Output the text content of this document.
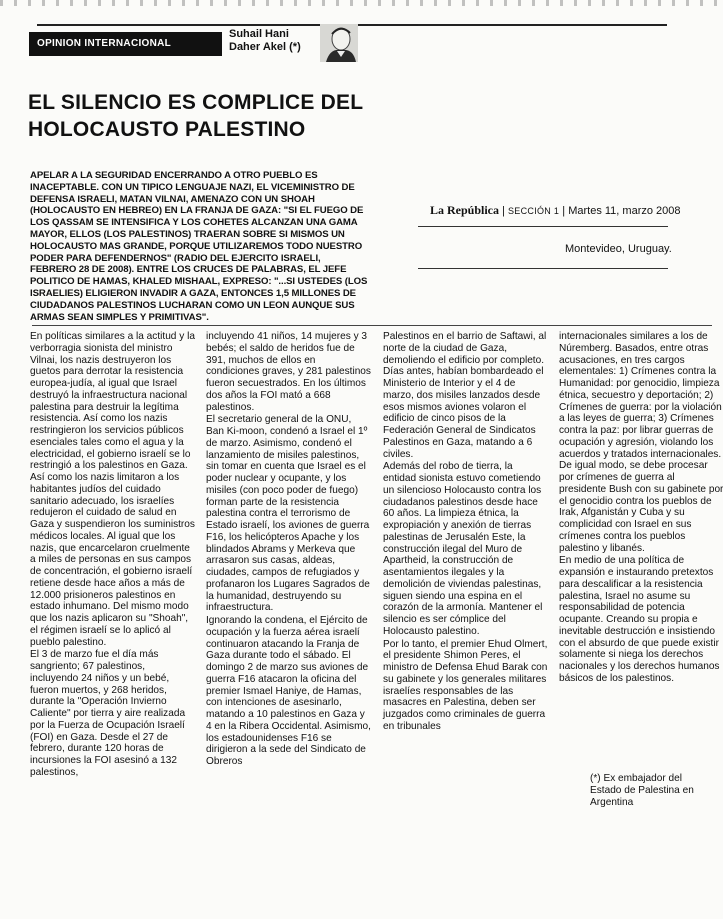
OPINION INTERNACIONAL
Suhail Hani
Daher Akel (*)
EL SILENCIO ES COMPLICE DEL
HOLOCAUSTO PALESTINO

APELAR A LA SEGURIDAD ENCERRANDO A OTRO PUEBLO ES INACEPTABLE. CON UN TIPICO LENGUAJE NAZI, EL VICEMINISTRO DE DEFENSA ISRAELI, MATAN VILNAI, AMENAZO CON UN SHOAH (HOLOCAUSTO EN HEBREO) EN LA FRANJA DE GAZA: "SI EL FUEGO DE LOS QASSAM SE INTENSIFICA Y LOS COHETES ALCANZAN UNA GAMA MAYOR, ELLOS (LOS PALESTINOS) TRAERAN SOBRE SI MISMOS UN HOLOCAUSTO MAS GRANDE, PORQUE UTILIZAREMOS TODO NUESTRO PODER PARA DEFENDERNOS" (RADIO DEL EJERCITO ISRAELI, FEBRERO 28 DE 2008). ENTRE LOS CRUCES DE PALABRAS, EL JEFE POLITICO DE HAMAS, KHALED MISHAAL, EXPRESO: "...SI USTEDES (LOS ISRAELIES) ELIGIERON INVADIR A GAZA, ENTONCES 1,5 MILLONES DE CIUDADANOS PALESTINOS LUCHARAN COMO UN LEON AUNQUE SUS ARMAS SEAN SIMPLES Y PRIMITIVAS".

La República | SECCIÓN 1 | Martes 11, marzo 2008
Montevideo, Uruguay.

En políticas similares a la actitud y la verborragia sionista del ministro Vilnai, los nazis destruyeron los guetos para derrotar la resistencia europea-judía, al igual que Israel destruyó la infraestructura nacional palestina para destruir la legítima resistencia. Así como los nazis restringieron los servicios públicos esenciales tales como el agua y la electricidad, el gobierno israelí se lo restringió a los palestinos en Gaza. Así como los nazis limitaron a los habitantes judíos del cuidado sanitario adecuado, los israelíes redujeron el cuidado de salud en Gaza y suspendieron los suministros médicos locales. Al igual que los nazis, que encarcelaron cruelmente a miles de personas en sus campos de concentración, el gobierno israelí retiene desde hace años a más de 12.000 prisioneros palestinos en estado inhumano. Del mismo modo que los nazis aplicaron su "Shoah", el régimen israelí se lo aplicó al pueblo palestino.

El 3 de marzo fue el día más sangriento; 67 palestinos, incluyendo 24 niños y un bebé, fueron muertos, y 268 heridos, durante la "Operación Invierno Caliente" por tierra y aire realizada por la Fuerza de Ocupación Israelí (FOI) en Gaza. Desde el 27 de febrero, durante 120 horas de incursiones la FOI asesinó a 132 palestinos,

incluyendo 41 niños, 14 mujeres y 3 bebés; el saldo de heridos fue de 391, muchos de ellos en condiciones graves, y 281 palestinos fueron secuestrados. En los últimos dos años la FOI mató a 668 palestinos.

El secretario general de la ONU, Ban Ki-moon, condenó a Israel el 1º de marzo. Asimismo, condenó el lanzamiento de misiles palestinos, sin tomar en cuenta que Israel es el poder nuclear y ocupante, y los misiles (con poco poder de fuego) forman parte de la resistencia palestina contra el terrorismo de Estado israelí, los aviones de guerra F16, los helicópteros Apache y los blindados Abrams y Merkeva que arrasaron sus casas, aldeas, ciudades, campos de refugiados y profanaron los Lugares Sagrados de la humanidad, destruyendo su infraestructura.

Ignorando la condena, el Ejército de ocupación y la fuerza aérea israelí continuaron atacando la Franja de Gaza durante todo el sábado. El domingo 2 de marzo sus aviones de guerra F16 atacaron la oficina del premier Ismael Haniye, de Hamas, con intenciones de asesinarlo, matando a 10 palestinos en Gaza y 4 en la Ribera Occidental. Asimismo, los estadounidenses F16 se dirigieron a la sede del Sindicato de Obreros

Palestinos en el barrio de Saftawi, al norte de la ciudad de Gaza, demoliendo el edificio por completo. Días antes, habían bombardeado el Ministerio de Interior y el 4 de marzo, dos misiles lanzados desde esos mismos aviones volaron el edificio de cinco pisos de la Federación General de Sindicatos Palestinos en Gaza, matando a 6 civiles.

Además del robo de tierra, la entidad sionista estuvo cometiendo un silencioso Holocausto contra los ciudadanos palestinos desde hace 60 años. La limpieza étnica, la expropiación y anexión de tierras palestinas de Jerusalén Este, la construcción ilegal del Muro de Apartheid, la construcción de asentamientos ilegales y la demolición de viviendas palestinas, siguen siendo una espina en el corazón de la armonía. Mantener el silencio es ser cómplice del Holocausto palestino.

Por lo tanto, el premier Ehud Olmert, el presidente Shimon Peres, el ministro de Defensa Ehud Barak con su gabinete y los generales militares israelíes responsables de las masacres en Palestina, deben ser juzgados como criminales de guerra en tribunales

internacionales similares a los de Núremberg. Basados, entre otras acusaciones, en tres cargos elementales: 1) Crímenes contra la Humanidad: por genocidio, limpieza étnica, secuestro y deportación; 2) Crímenes de guerra: por la violación a las leyes de guerra; 3) Crímenes contra la paz: por librar guerras de ocupación y agresión, violando los acuerdos y tratados internacionales. De igual modo, se debe procesar por crímenes de guerra al presidente Bush con su gabinete por el genocidio contra los pueblos de Irak, Afganistán y Cuba y su complicidad con Israel en sus crímenes contra los pueblos palestino y libanés.

En medio de una política de expansión e instaurando pretextos para descalificar a la resistencia palestina, Israel no asume su responsabilidad de potencia ocupante. Creando su propia e inevitable destrucción e insistiendo con el absurdo de que puede existir solamente si niega los derechos nacionales y los derechos humanos básicos de los palestinos.

(*) Ex embajador del Estado de Palestina en Argentina
